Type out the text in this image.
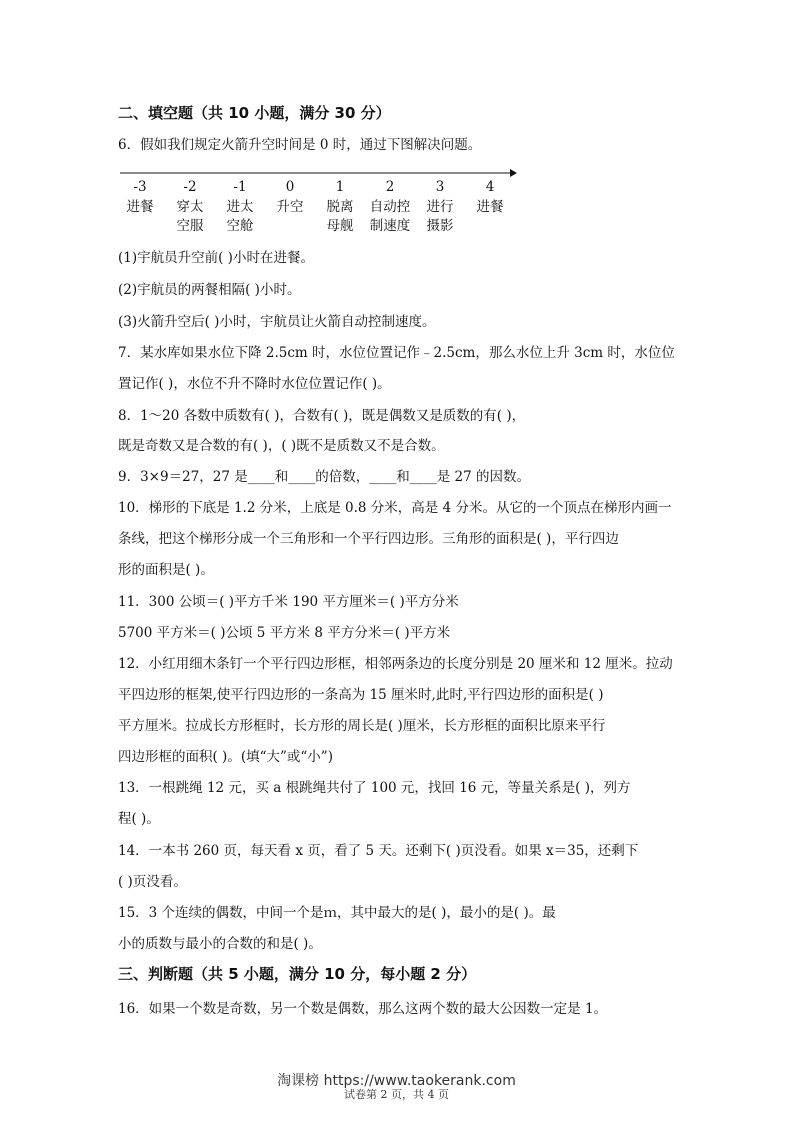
二、填空题（共 10 小题，满分 30 分）
6．假如我们规定火箭升空时间是 0 时，通过下图解决问题。
-3
进餐
-2
穿太
空服
-1
进太
空舱
0
升空
1
脱离
母舰
2
自动控
制速度
3
进行
摄影
4
进餐
(1)宇航员升空前( )小时在进餐。
(2)宇航员的两餐相隔( )小时。
(3)火箭升空后( )小时，宇航员让火箭自动控制速度。
7．某水库如果水位下降 2.5cm 时，水位位置记作﹣2.5cm，那么水位上升 3cm 时，水位位
置记作( )，水位不升不降时水位位置记作( )。
8．1～20 各数中质数有( )，合数有( )，既是偶数又是质数的有( )，
既是奇数又是合数的有( )，( )既不是质数又不是合数。
9．3×9＝27，27 是____和____的倍数，____和____是 27 的因数。
10．梯形的下底是 1.2 分米，上底是 0.8 分米，高是 4 分米。从它的一个顶点在梯形内画一
条线，把这个梯形分成一个三角形和一个平行四边形。三角形的面积是( )，平行四边
形的面积是( )。
11．300 公顷＝( )平方千米 190 平方厘米＝( )平方分米
5700 平方米＝( )公顷 5 平方米 8 平方分米＝( )平方米
12．小红用细木条钉一个平行四边形框，相邻两条边的长度分别是 20 厘米和 12 厘米。拉动
平四边形的框架,使平行四边形的一条高为 15 厘米时,此时,平行四边形的面积是( )
平方厘米。拉成长方形框时，长方形的周长是( )厘米，长方形框的面积比原来平行
四边形框的面积( )。(填“大”或“小”)
13．一根跳绳 12 元，买 a 根跳绳共付了 100 元，找回 16 元，等量关系是( )，列方
程( )。
14．一本书 260 页，每天看 x 页，看了 5 天。还剩下( )页没看。如果 x＝35，还剩下
( )页没看。
15．3 个连续的偶数，中间一个是ｍ，其中最大的是( )，最小的是( )。最
小的质数与最小的合数的和是( )。
三、判断题（共 5 小题，满分 10 分，每小题 2 分）
16．如果一个数是奇数，另一个数是偶数，那么这两个数的最大公因数一定是 1。
淘课榜 https://www.taokerank.com
试卷第 2 页，共 4 页
